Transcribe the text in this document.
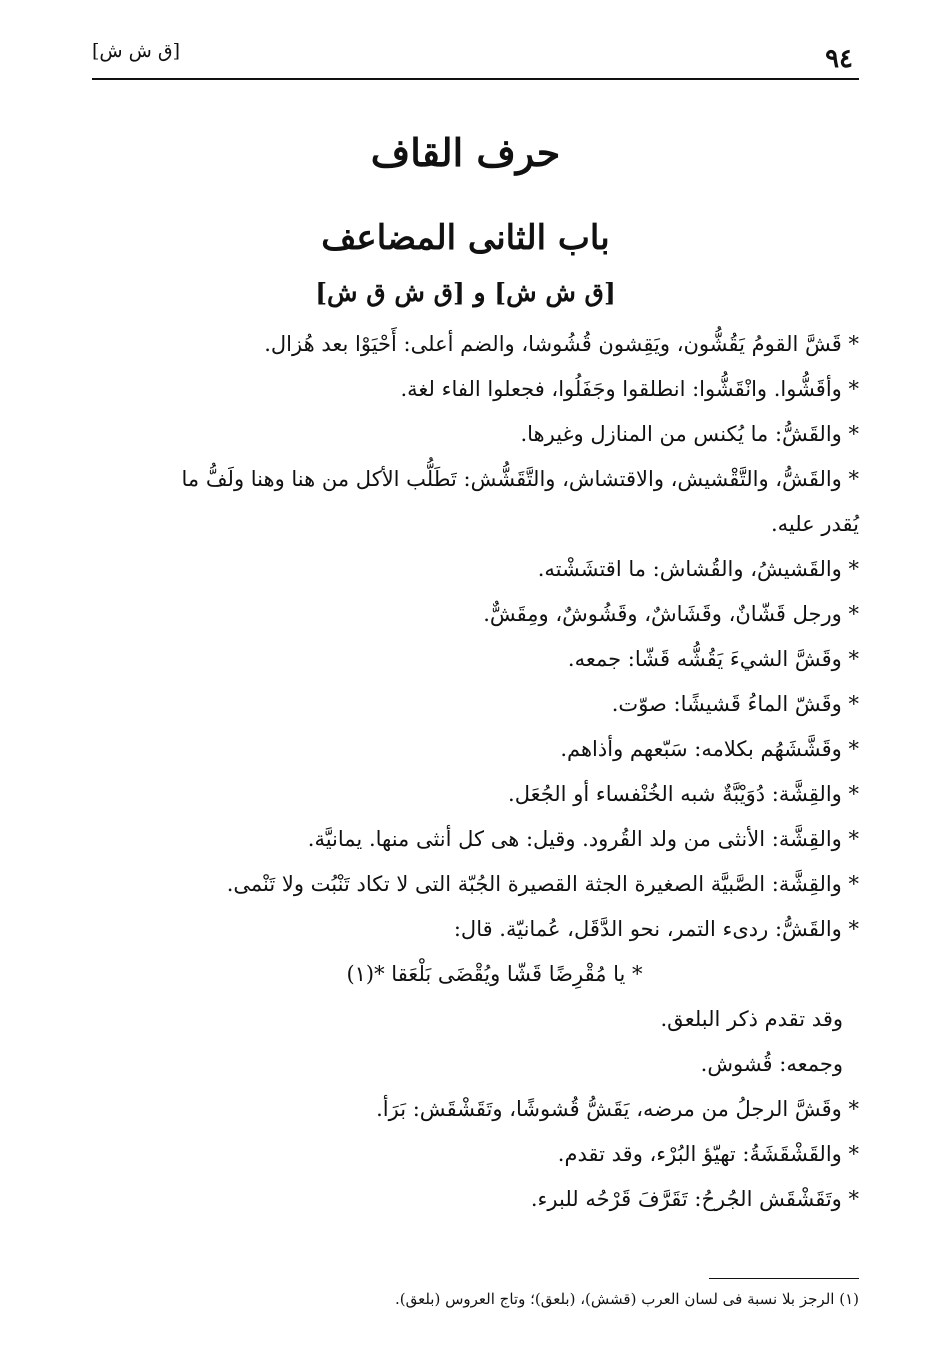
٩٤
[ق ش ش]
حرف القاف
باب الثانى المضاعف
[ق ش ش] و [ق ش ق ش]

* قَشَّ القومُ يَقُشُّون، ويَقِشون قُشُوشا، والضم أعلى: أَحْيَوْا بعد هُزال.

* وأقَشُّوا. وانْقَشُّوا: انطلقوا وجَفَلُوا، فجعلوا الفاء لغة.

* والقَشُّ: ما يُكنس من المنازل وغيرها.

* والقَشُّ، والتَّقْشيش، والاقتشاش، والتَّقَشُّش: تَطَلُّب الأكل من هنا وهنا ولَفُّ ما

يُقدر عليه.

* والقَشيشُ، والقُشاش: ما اقتشَشْته.

* ورجل قَشّانٌ، وقَشَاشٌ، وقَشُوشٌ، ومِقَشٌّ.

* وقَشَّ الشيءَ يَقُشُّه قَشّا: جمعه.

* وقَشّ الماءُ قَشيشًا: صوّت.

* وقَشَّشَهُم بكلامه: سَبّعهم وأذاهم.

* والقِشَّة: دُوَيْبَّةٌ شبه الخُنْفساء أو الجُعَل.

* والقِشَّة: الأنثى من ولد القُرود. وقيل: هى كل أنثى منها. يمانيَّة.

* والقِشَّة: الصَّبيَّة الصغيرة الجثة القصيرة الجُبّة التى لا تكاد تَنْبُت ولا تَنْمى.

* والقَشُّ: ردىء التمر، نحو الدَّقَل، عُمانيّة. قال:

* يا مُقْرِضًا قَشّا ويُقْضَى بَلْعَقا *(١)

وقد تقدم ذكر البلعق.

وجمعه: قُشوش.

* وقَشَّ الرجلُ من مرضه، يَقَشُّ قُشوشًا، وتَقَشْقَش: بَرَأ.

* والقَشْقَشَةُ: تهيّؤ البُرْء، وقد تقدم.

* وتَقَشْقَش الجُرحُ: تَقَرَّفَ قَرْحُه للبرء.

(١) الرجز بلا نسبة فى لسان العرب (قشش)، (بلعق)؛ وتاج العروس (بلعق).
